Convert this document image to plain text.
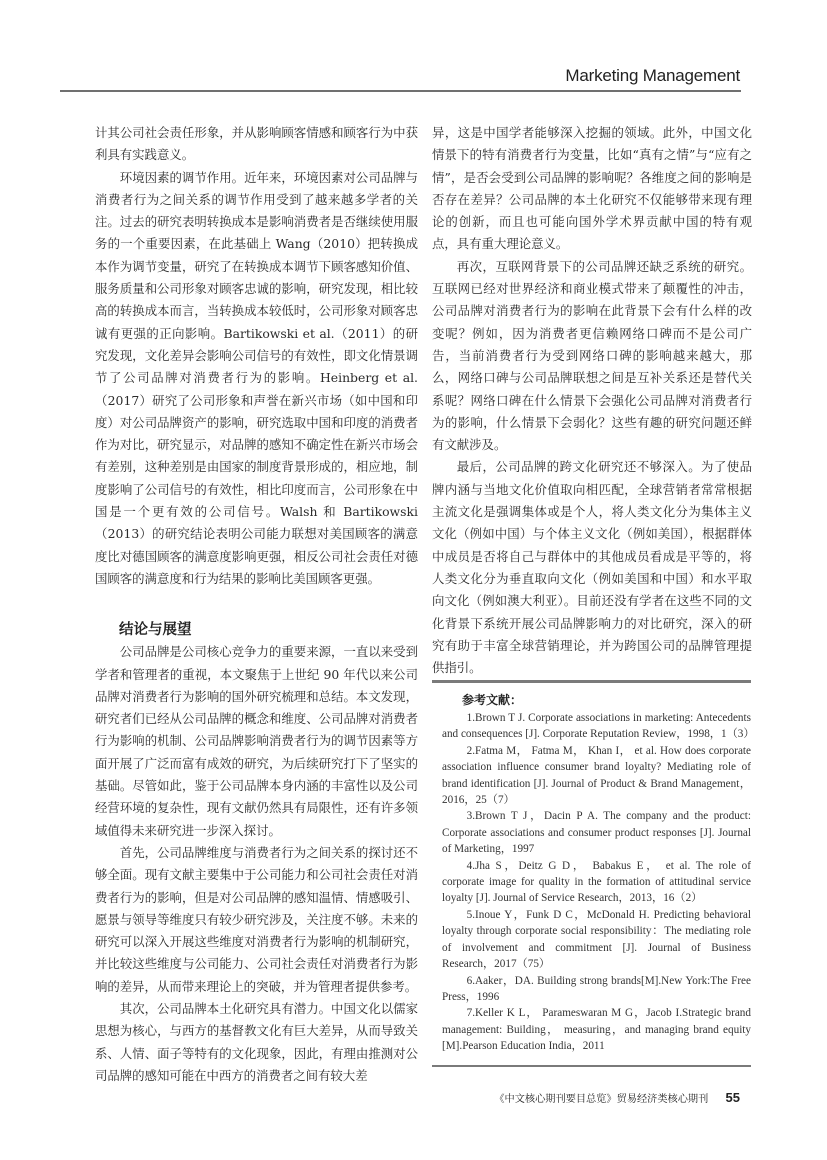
Marketing Management

计其公司社会责任形象，并从影响顾客情感和顾客行为中获利具有实践意义。

环境因素的调节作用。近年来，环境因素对公司品牌与消费者行为之间关系的调节作用受到了越来越多学者的关注。过去的研究表明转换成本是影响消费者是否继续使用服务的一个重要因素，在此基础上 Wang（2010）把转换成本作为调节变量，研究了在转换成本调节下顾客感知价值、服务质量和公司形象对顾客忠诚的影响，研究发现，相比较高的转换成本而言，当转换成本较低时，公司形象对顾客忠诚有更强的正向影响。Bartikowski et al.（2011）的研究发现，文化差异会影响公司信号的有效性，即文化情景调节了公司品牌对消费者行为的影响。Heinberg et al.（2017）研究了公司形象和声誉在新兴市场（如中国和印度）对公司品牌资产的影响，研究选取中国和印度的消费者作为对比，研究显示，对品牌的感知不确定性在新兴市场会有差别，这种差别是由国家的制度背景形成的，相应地，制度影响了公司信号的有效性，相比印度而言，公司形象在中国是一个更有效的公司信号。Walsh 和 Bartikowski（2013）的研究结论表明公司能力联想对美国顾客的满意度比对德国顾客的满意度影响更强，相反公司社会责任对德国顾客的满意度和行为结果的影响比美国顾客更强。

结论与展望

公司品牌是公司核心竞争力的重要来源，一直以来受到学者和管理者的重视，本文聚焦于上世纪 90 年代以来公司品牌对消费者行为影响的国外研究梳理和总结。本文发现，研究者们已经从公司品牌的概念和维度、公司品牌对消费者行为影响的机制、公司品牌影响消费者行为的调节因素等方面开展了广泛而富有成效的研究，为后续研究打下了坚实的基础。尽管如此，鉴于公司品牌本身内涵的丰富性以及公司经营环境的复杂性，现有文献仍然具有局限性，还有许多领域值得未来研究进一步深入探讨。

首先，公司品牌维度与消费者行为之间关系的探讨还不够全面。现有文献主要集中于公司能力和公司社会责任对消费者行为的影响，但是对公司品牌的感知温情、情感吸引、愿景与领导等维度只有较少研究涉及，关注度不够。未来的研究可以深入开展这些维度对消费者行为影响的机制研究，并比较这些维度与公司能力、公司社会责任对消费者行为影响的差异，从而带来理论上的突破，并为管理者提供参考。

其次，公司品牌本土化研究具有潜力。中国文化以儒家思想为核心，与西方的基督教文化有巨大差异，从而导致关系、人情、面子等特有的文化现象，因此，有理由推测对公司品牌的感知可能在中西方的消费者之间有较大差

异，这是中国学者能够深入挖掘的领域。此外，中国文化情景下的特有消费者行为变量，比如“真有之情”与“应有之情”，是否会受到公司品牌的影响呢？各维度之间的影响是否存在差异？公司品牌的本土化研究不仅能够带来现有理论的创新，而且也可能向国外学术界贡献中国的特有观点，具有重大理论意义。

再次，互联网背景下的公司品牌还缺乏系统的研究。互联网已经对世界经济和商业模式带来了颠覆性的冲击，公司品牌对消费者行为的影响在此背景下会有什么样的改变呢？例如，因为消费者更信赖网络口碑而不是公司广告，当前消费者行为受到网络口碑的影响越来越大，那么，网络口碑与公司品牌联想之间是互补关系还是替代关系呢？网络口碑在什么情景下会强化公司品牌对消费者行为的影响，什么情景下会弱化？这些有趣的研究问题还鲜有文献涉及。

最后，公司品牌的跨文化研究还不够深入。为了使品牌内涵与当地文化价值取向相匹配，全球营销者常常根据主流文化是强调集体或是个人，将人类文化分为集体主义文化（例如中国）与个体主义文化（例如美国），根据群体中成员是否将自己与群体中的其他成员看成是平等的，将人类文化分为垂直取向文化（例如美国和中国）和水平取向文化（例如澳大利亚）。目前还没有学者在这些不同的文化背景下系统开展公司品牌影响力的对比研究，深入的研究有助于丰富全球营销理论，并为跨国公司的品牌管理提供指引。

参考文献：
1.Brown T J. Corporate associations in marketing: Antecedents and consequences [J]. Corporate Reputation Review，1998，1（3）
2.Fatma M， Fatma M， Khan I， et al. How does corporate association influence consumer brand loyalty? Mediating role of brand identification [J]. Journal of Product & Brand Management，2016，25（7）
3.Brown T J，Dacin P A. The company and the product: Corporate associations and consumer product responses [J]. Journal of Marketing，1997
4.Jha S，Deitz G D， Babakus E， et al. The role of corporate image for quality in the formation of attitudinal service loyalty [J]. Journal of Service Research，2013，16（2）
5.Inoue Y，Funk D C，McDonald H. Predicting behavioral loyalty through corporate social responsibility：The mediating role of involvement and commitment [J]. Journal of Business Research，2017（75）
6.Aaker，DA. Building strong brands[M].New York:The Free Press，1996
7.Keller K L， Parameswaran M G，Jacob I.Strategic brand management: Building， measuring，and managing brand equity [M].Pearson Education India，2011
《中文核心期刊要目总览》贸易经济类核心期刊 55
